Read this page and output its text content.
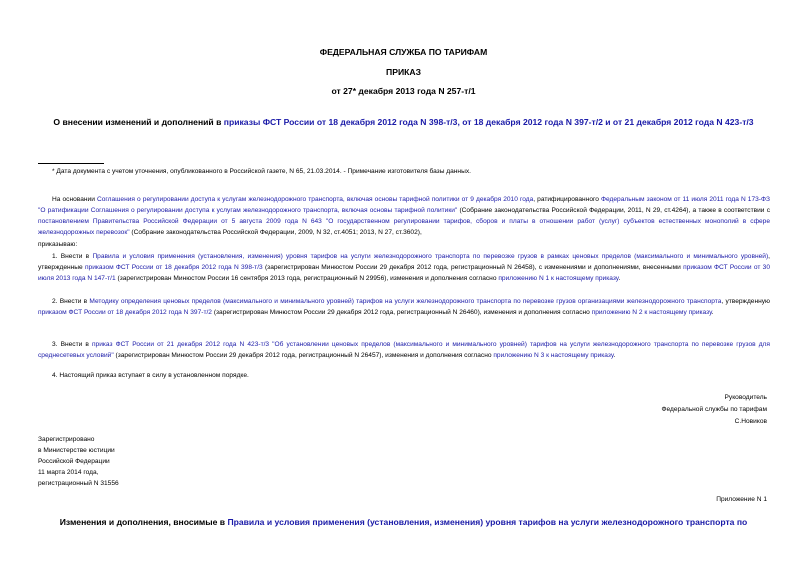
ФЕДЕРАЛЬНАЯ СЛУЖБА ПО ТАРИФАМ
ПРИКАЗ
от 27* декабря 2013 года N 257-т/1
О внесении изменений и дополнений в приказы ФСТ России от 18 декабря 2012 года N 398-т/3, от 18 декабря 2012 года N 397-т/2 и от 21 декабря 2012 года N 423-т/3
* Дата документа с учетом уточнения, опубликованного в Российской газете, N 65, 21.03.2014. - Примечание изготовителя базы данных.
На основании Соглашения о регулировании доступа к услугам железнодорожного транспорта, включая основы тарифной политики от 9 декабря 2010 года, ратифицированного Федеральным законом от 11 июля 2011 года N 173-ФЗ "О ратификации Соглашения о регулировании доступа к услугам железнодорожного транспорта, включая основы тарифной политики" (Собрание законодательства Российской Федерации, 2011, N 29, ст.4264), а также в соответствии с постановлением Правительства Российской Федерации от 5 августа 2009 года N 643 "О государственном регулировании тарифов, сборов и платы в отношении работ (услуг) субъектов естественных монополий в сфере железнодорожных перевозок" (Собрание законодательства Российской Федерации, 2009, N 32, ст.4051; 2013, N 27, ст.3602),
приказываю:
1. Внести в Правила и условия применения (установления, изменения) уровня тарифов на услуги железнодорожного транспорта по перевозке грузов в рамках ценовых пределов (максимального и минимального уровней), утвержденные приказом ФСТ России от 18 декабря 2012 года N 398-т/3 (зарегистрирован Минюстом России 29 декабря 2012 года, регистрационный N 26458), с изменениями и дополнениями, внесенными приказом ФСТ России от 30 июля 2013 года N 147-т/1 (зарегистрирован Минюстом России 16 сентября 2013 года, регистрационный N 29956), изменения и дополнения согласно приложению N 1 к настоящему приказу.
2. Внести в Методику определения ценовых пределов (максимального и минимального уровней) тарифов на услуги железнодорожного транспорта по перевозке грузов организациями железнодорожного транспорта, утвержденную приказом ФСТ России от 18 декабря 2012 года N 397-т/2 (зарегистрирован Минюстом России 29 декабря 2012 года, регистрационный N 26460), изменения и дополнения согласно приложению N 2 к настоящему приказу.
3. Внести в приказ ФСТ России от 21 декабря 2012 года N 423-т/3 "Об установлении ценовых пределов (максимального и минимального уровней) тарифов на услуги железнодорожного транспорта по перевозке грузов для среднесетевых условий" (зарегистрирован Минюстом России 29 декабря 2012 года, регистрационный N 26457), изменения и дополнения согласно приложению N 3 к настоящему приказу.
4. Настоящий приказ вступает в силу в установленном порядке.
Руководитель
Федеральной службы по тарифам
С.Новиков
Зарегистрировано
в Министерстве юстиции
Российской Федерации
11 марта 2014 года,
регистрационный N 31556
Приложение N 1
Изменения и дополнения, вносимые в Правила и условия применения (установления, изменения) уровня тарифов на услуги железнодорожного транспорта по
